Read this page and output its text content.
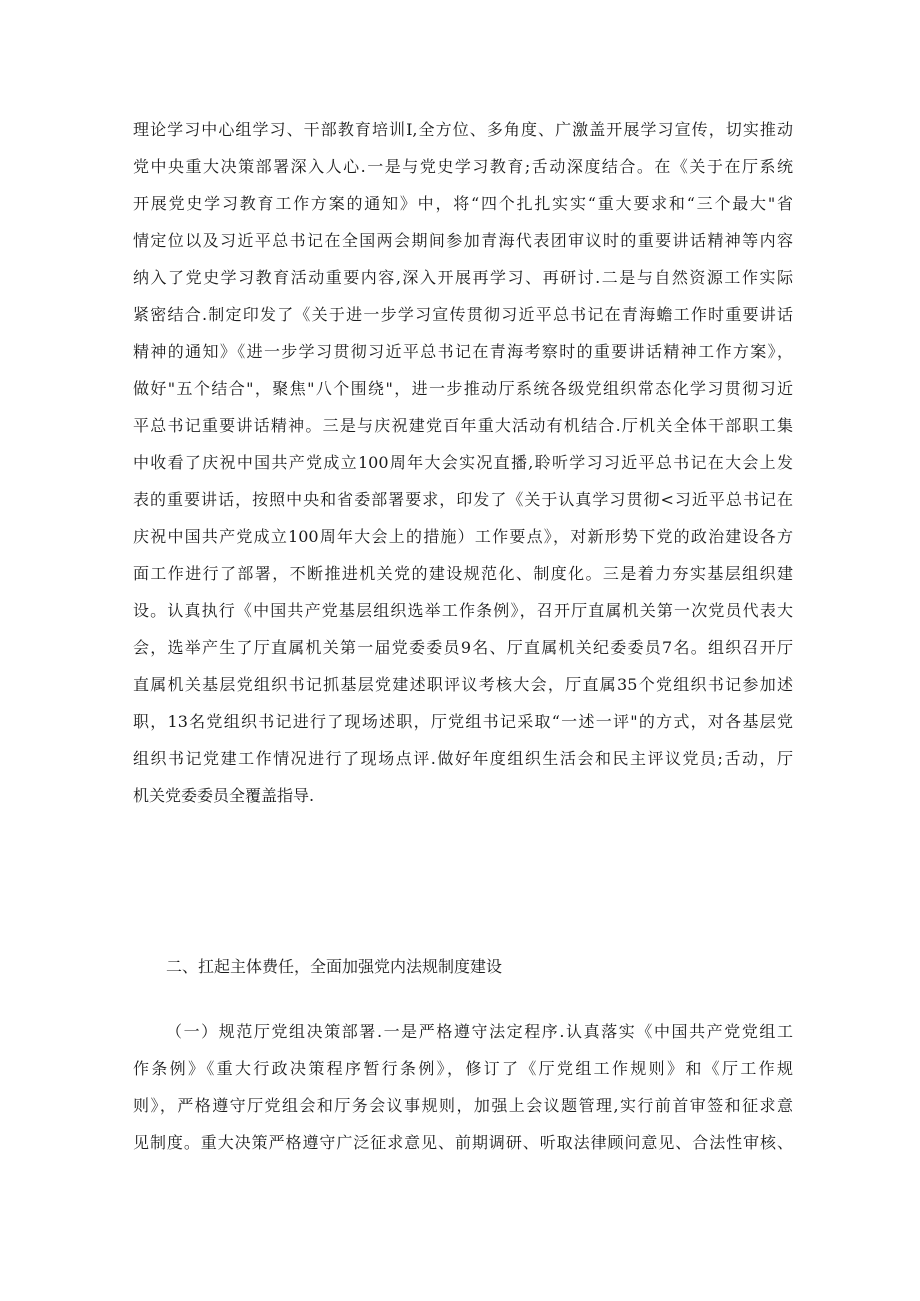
理论学习中心组学习、干部教育培训I,全方位、多角度、广激盖开展学习宣传，切实推动
党中央重大决策部署深入人心.一是与党史学习教育;舌动深度结合。在《关于在厅系统
开展党史学习教育工作方案的通知》中，将“四个扎扎实实“重大要求和“三个最大"省
情定位以及习近平总书记在全国两会期间参加青海代表团审议时的重要讲话精神等内容
纳入了党史学习教育活动重要内容,深入开展再学习、再研讨.二是与自然资源工作实际
紧密结合.制定印发了《关于进一步学习宣传贯彻习近平总书记在青海蟾工作时重要讲话
精神的通知》《进一步学习贯彻习近平总书记在青海考察时的重要讲话精神工作方案》，
做好"五个结合"，聚焦"八个围绕"，进一步推动厅系统各级党组织常态化学习贯彻习近
平总书记重要讲话精神。三是与庆祝建党百年重大活动有机结合.厅机关全体干部职工集
中收看了庆祝中国共产党成立100周年大会实况直播,聆听学习习近平总书记在大会上发
表的重要讲话，按照中央和省委部署要求，印发了《关于认真学习贯彻<习近平总书记在
庆祝中国共产党成立100周年大会上的措施）工作要点》，对新形势下党的政治建设各方
面工作进行了部署，不断推进机关党的建设规范化、制度化。三是着力夯实基层组织建
设。认真执行《中国共产党基层组织选举工作条例》，召开厅直属机关第一次党员代表大
会，选举产生了厅直属机关第一届党委委员9名、厅直属机关纪委委员7名。组织召开厅
直属机关基层党组织书记抓基层党建述职评议考核大会，厅直属35个党组织书记参加述
职，13名党组织书记进行了现场述职，厅党组书记采取“一述一评"的方式，对各基层党
组织书记党建工作情况进行了现场点评.做好年度组织生活会和民主评议党员;舌动，厅
机关党委委员全覆盖指导.
二、扛起主体费任，全面加强党内法规制度建设
（一）规范厅党组决策部署.一是严格遵守法定程序.认真落实《中国共产党党组工
作条例》《重大行政决策程序暂行条例》，修订了《厅党组工作规则》和《厅工作规
则》，严格遵守厅党组会和厅务会议事规则，加强上会议题管理,实行前首审签和征求意
见制度。重大决策严格遵守广泛征求意见、前期调研、听取法律顾问意见、合法性审核、
